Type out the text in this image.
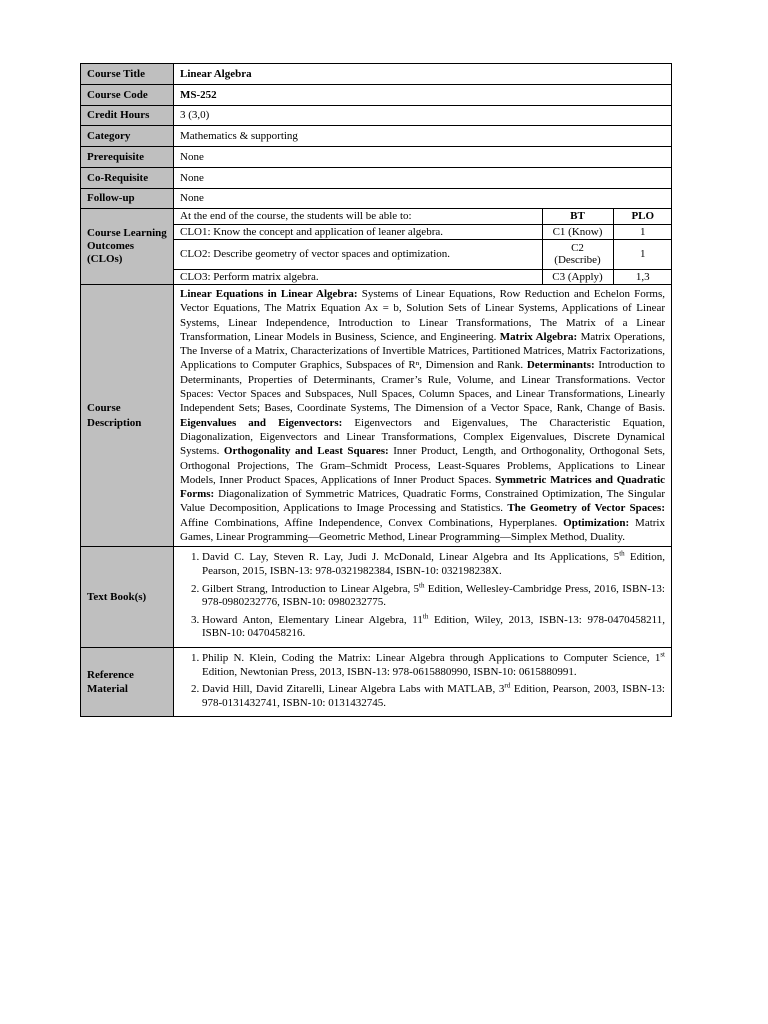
Course Title	Linear Algebra
Course Code	MS-252
Credit Hours	3 (3,0)
Category	Mathematics & supporting
Prerequisite	None
Co-Requisite	None
Follow-up	None
Course Learning Outcomes (CLOs)	
At the end of the course, the students will be able to:	BT	PLO
CLO1: Know the concept and application of leaner algebra.	C1 (Know)	1
CLO2: Describe geometry of vector spaces and optimization.	C2 (Describe)	1
CLO3: Perform matrix algebra.	C3 (Apply)	1,3

Course Description	Linear Equations in Linear Algebra: Systems of Linear Equations, Row Reduction and Echelon Forms, Vector Equations, The Matrix Equation Ax = b, Solution Sets of Linear Systems, Applications of Linear Systems, Linear Independence, Introduction to Linear Transformations, The Matrix of a Linear Transformation, Linear Models in Business, Science, and Engineering. Matrix Algebra: Matrix Operations, The Inverse of a Matrix, Characterizations of Invertible Matrices, Partitioned Matrices, Matrix Factorizations, Applications to Computer Graphics, Subspaces of Rⁿ, Dimension and Rank. Determinants: Introduction to Determinants, Properties of Determinants, Cramer’s Rule, Volume, and Linear Transformations. Vector Spaces: Vector Spaces and Subspaces, Null Spaces, Column Spaces, and Linear Transformations, Linearly Independent Sets; Bases, Coordinate Systems, The Dimension of a Vector Space, Rank, Change of Basis. Eigenvalues and Eigenvectors: Eigenvectors and Eigenvalues, The Characteristic Equation, Diagonalization, Eigenvectors and Linear Transformations, Complex Eigenvalues, Discrete Dynamical Systems. Orthogonality and Least Squares: Inner Product, Length, and Orthogonality, Orthogonal Sets, Orthogonal Projections, The Gram–Schmidt Process, Least-Squares Problems, Applications to Linear Models, Inner Product Spaces, Applications of Inner Product Spaces. Symmetric Matrices and Quadratic Forms: Diagonalization of Symmetric Matrices, Quadratic Forms, Constrained Optimization, The Singular Value Decomposition, Applications to Image Processing and Statistics. The Geometry of Vector Spaces: Affine Combinations, Affine Independence, Convex Combinations, Hyperplanes. Optimization: Matrix Games, Linear Programming—Geometric Method, Linear Programming—Simplex Method, Duality.
Text Book(s)	
1. David C. Lay, Steven R. Lay, Judi J. McDonald, Linear Algebra and Its Applications, 5th Edition, Pearson, 2015, ISBN-13: 978-0321982384, ISBN-10: 032198238X.
2. Gilbert Strang, Introduction to Linear Algebra, 5th Edition, Wellesley-Cambridge Press, 2016, ISBN-13: 978-0980232776, ISBN-10: 0980232775.
3. Howard Anton, Elementary Linear Algebra, 11th Edition, Wiley, 2013, ISBN-13: 978-0470458211, ISBN-10: 0470458216.

Reference Material	
1. Philip N. Klein, Coding the Matrix: Linear Algebra through Applications to Computer Science, 1st Edition, Newtonian Press, 2013, ISBN-13: 978-0615880990, ISBN-10: 0615880991.
2. David Hill, David Zitarelli, Linear Algebra Labs with MATLAB, 3rd Edition, Pearson, 2003, ISBN-13: 978-0131432741, ISBN-10: 0131432745.
